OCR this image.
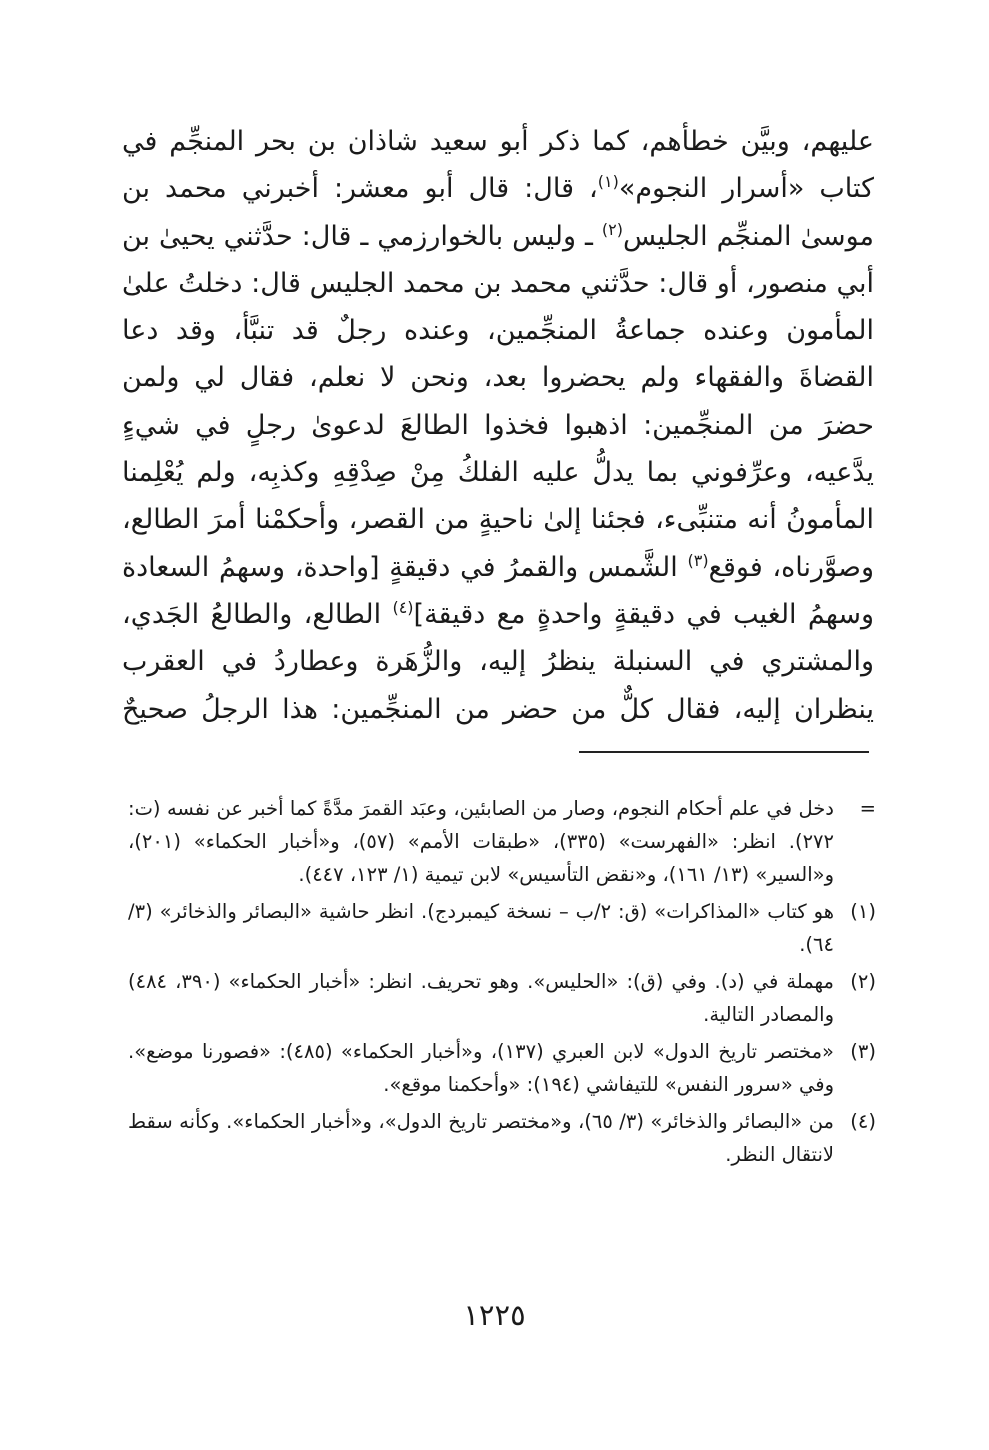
عليهم، وبيَّن خطأهم، كما ذكر أبو سعيد شاذان بن بحر المنجِّم في كتاب «أسرار النجوم»$^{(١)}$، قال: قال أبو معشر: أخبرني محمد بن موسىٰ المنجِّم الجليس$^{(٢)}$ ـ وليس بالخوارزمي ـ قال: حدَّثني يحيىٰ بن أبي منصور، أو قال: حدَّثني محمد بن محمد الجليس قال: دخلتُ علىٰ المأمون وعنده جماعةُ المنجِّمين، وعنده رجلٌ قد تنبَّأ، وقد دعا القضاةَ والفقهاء ولم يحضروا بعد، ونحن لا نعلم، فقال لي ولمن حضرَ من المنجِّمين: اذهبوا فخذوا الطالعَ لدعوىٰ رجلٍ في شيءٍ يدَّعيه، وعرِّفوني بما يدلُّ عليه الفلكُ مِنْ صِدْقِهِ وكذبِه، ولم يُعْلِمنا المأمونُ أنه متنبِّىء، فجئنا إلىٰ ناحيةٍ من القصر، وأحكمْنا أمرَ الطالع، وصوَّرناه، فوقع$^{(٣)}$ الشَّمس والقمرُ في دقيقةٍ [واحدة، وسهمُ السعادة وسهمُ الغيب في دقيقةٍ واحدةٍ مع دقيقة]$^{(٤)}$ الطالع، والطالعُ الجَدي، والمشتري في السنبلة ينظرُ إليه، والزُّهَرة وعطاردُ في العقرب ينظران إليه، فقال كلٌّ من حضر من المنجِّمين: هذا الرجلُ صحيحٌ

=
دخل في علم أحكام النجوم، وصار من الصابئين، وعبَد القمرَ مدَّةً كما أخبر عن نفسه (ت: ٢٧٢). انظر: «الفهرست» (٣٣٥)، «طبقات الأمم» (٥٧)، و«أخبار الحكماء» (٢٠١)، و«السير» (١٣/ ١٦١)، و«نقض التأسيس» لابن تيمية (١/ ١٢٣، ٤٤٧).
(١)
هو كتاب «المذاكرات» (ق: ٢/ب – نسخة كيمبردج). انظر حاشية «البصائر والذخائر» (٣/ ٦٤).
(٢)
مهملة في (د). وفي (ق): «الحليس». وهو تحريف. انظر: «أخبار الحكماء» (٣٩٠، ٤٨٤) والمصادر التالية.
(٣)
«مختصر تاريخ الدول» لابن العبري (١٣٧)، و«أخبار الحكماء» (٤٨٥): «فصورنا موضع». وفي «سرور النفس» للتيفاشي (١٩٤): «وأحكمنا موقع».
(٤)
من «البصائر والذخائر» (٣/ ٦٥)، و«مختصر تاريخ الدول»، و«أخبار الحكماء». وكأنه سقط لانتقال النظر.
١٢٢٥
